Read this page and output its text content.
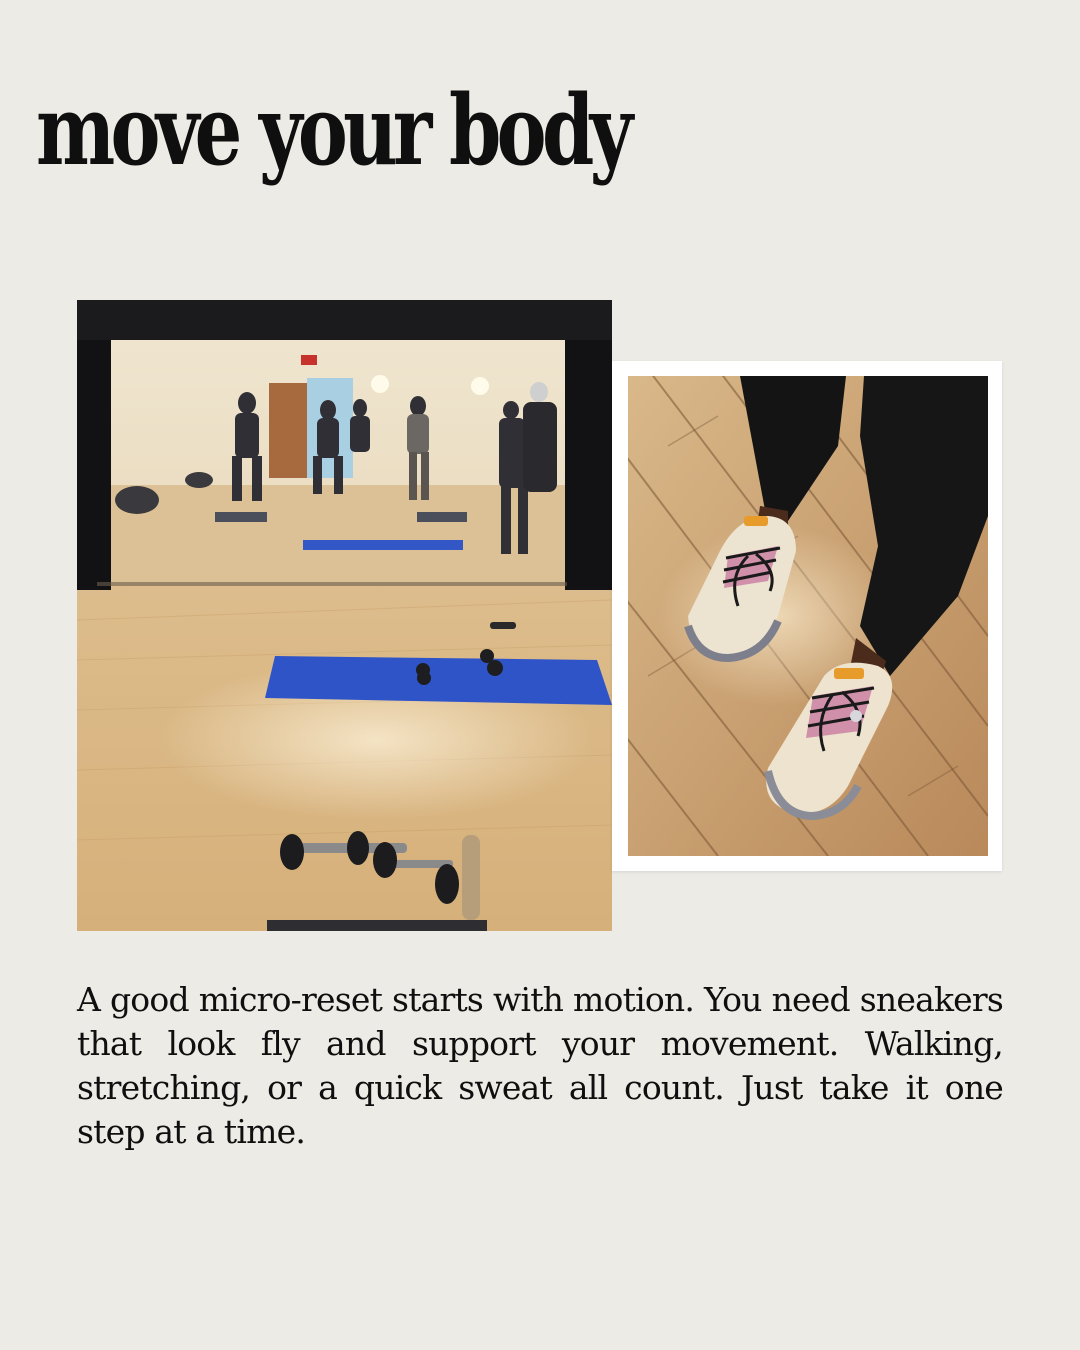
move your body

A good micro-reset starts with motion. You need sneakers that look fly and support your movement. Walking, stretching, or a quick sweat all count. Just take it one step at a time.
